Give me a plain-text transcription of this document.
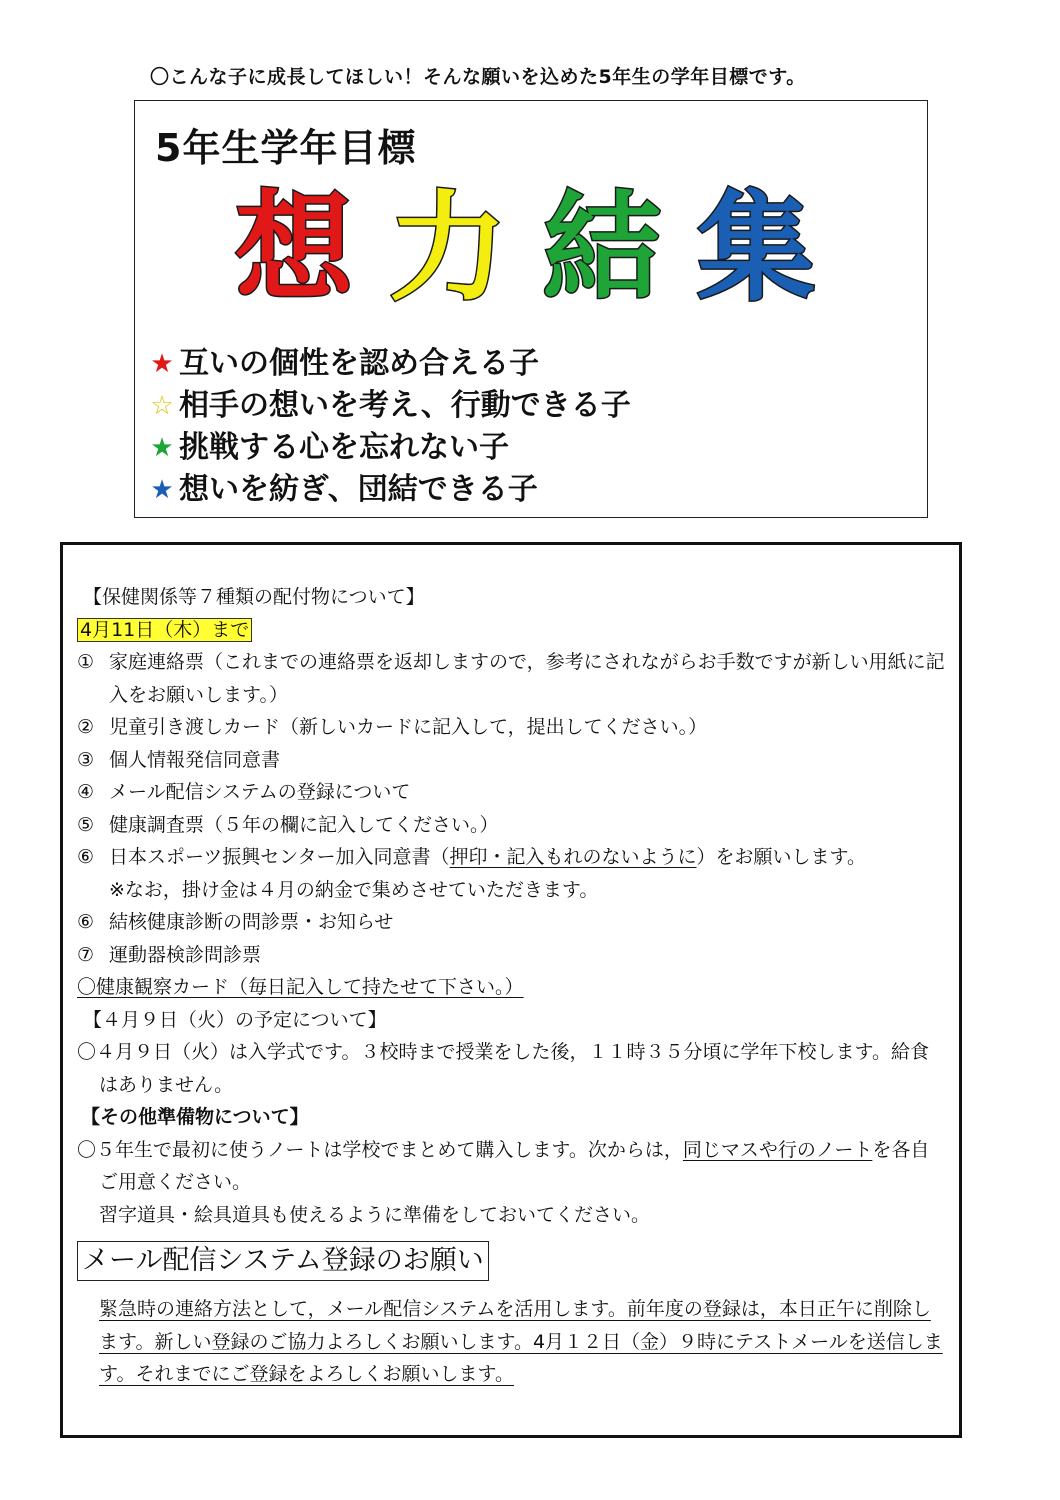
〇こんな子に成長してほしい！そんな願いを込めた5年生の学年目標です。
5年生学年目標
想 力 結 集
★ 互いの個性を認め合える子
☆ 相手の想いを考え、行動できる子
★ 挑戦する心を忘れない子
★ 想いを紡ぎ、団結できる子
【保健関係等７種類の配付物について】
4月11日（木）まで
① 家庭連絡票（これまでの連絡票を返却しますので，参考にされながらお手数ですが新しい用紙に記入をお願いします。）
② 児童引き渡しカード（新しいカードに記入して，提出してください。）
③ 個人情報発信同意書
④ メール配信システムの登録について
⑤ 健康調査票（５年の欄に記入してください。）
⑥ 日本スポーツ振興センター加入同意書（押印・記入もれのないように）をお願いします。
※なお，掛け金は４月の納金で集めさせていただきます。
⑥ 結核健康診断の問診票・お知らせ
⑦ 運動器検診問診票
〇健康観察カード（毎日記入して持たせて下さい。）
【４月９日（火）の予定について】
〇４月９日（火）は入学式です。３校時まで授業をした後，１１時３５分頃に学年下校します。給食はありません。
【その他準備物について】
〇５年生で最初に使うノートは学校でまとめて購入します。次からは，同じマスや行のノートを各自ご用意ください。
習字道具・絵具道具も使えるように準備をしておいてください。
メール配信システム登録のお願い
緊急時の連絡方法として，メール配信システムを活用します。前年度の登録は，本日正午に削除します。新しい登録のご協力よろしくお願いします。4月１２日（金）９時にテストメールを送信します。それまでにご登録をよろしくお願いします。
